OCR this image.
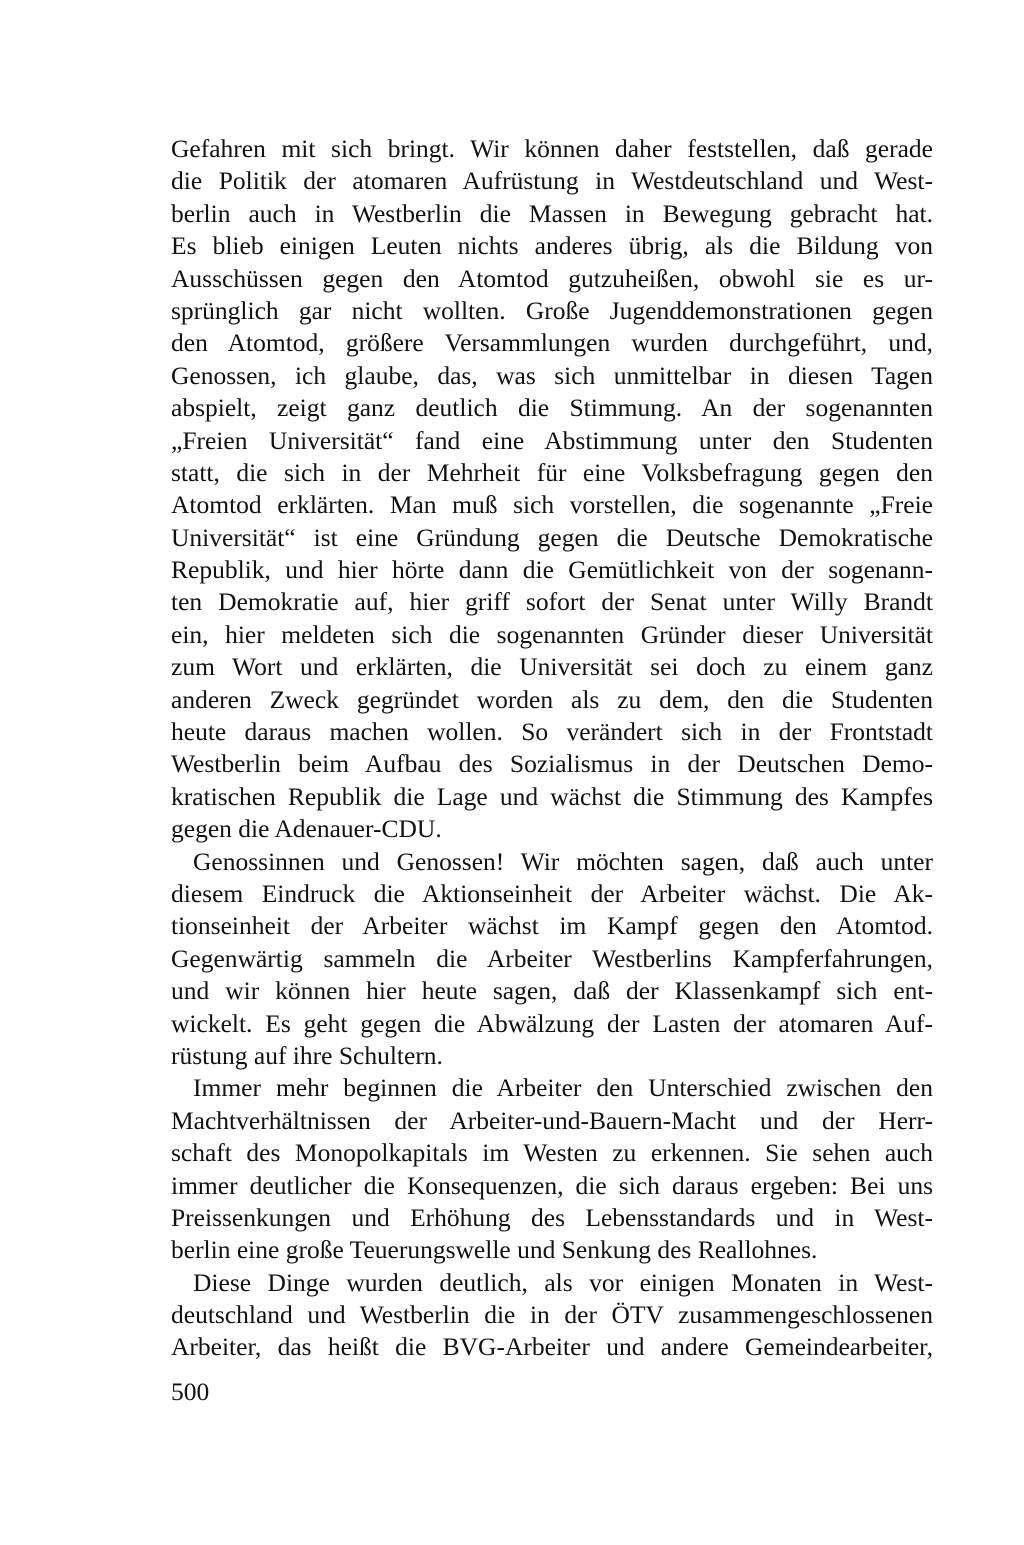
Gefahren mit sich bringt. Wir können daher feststellen, daß gerade
die Politik der atomaren Aufrüstung in Westdeutschland und West-
berlin auch in Westberlin die Massen in Bewegung gebracht hat.
Es blieb einigen Leuten nichts anderes übrig, als die Bildung von
Ausschüssen gegen den Atomtod gutzuheißen, obwohl sie es ur-
sprünglich gar nicht wollten. Große Jugenddemonstrationen gegen
den Atomtod, größere Versammlungen wurden durchgeführt, und,
Genossen, ich glaube, das, was sich unmittelbar in diesen Tagen
abspielt, zeigt ganz deutlich die Stimmung. An der sogenannten
„Freien Universität“ fand eine Abstimmung unter den Studenten
statt, die sich in der Mehrheit für eine Volksbefragung gegen den
Atomtod erklärten. Man muß sich vorstellen, die sogenannte „Freie
Universität“ ist eine Gründung gegen die Deutsche Demokratische
Republik, und hier hörte dann die Gemütlichkeit von der sogenann-
ten Demokratie auf, hier griff sofort der Senat unter Willy Brandt
ein, hier meldeten sich die sogenannten Gründer dieser Universität
zum Wort und erklärten, die Universität sei doch zu einem ganz
anderen Zweck gegründet worden als zu dem, den die Studenten
heute daraus machen wollen. So verändert sich in der Frontstadt
Westberlin beim Aufbau des Sozialismus in der Deutschen Demo-
kratischen Republik die Lage und wächst die Stimmung des Kampfes
gegen die Adenauer-CDU.
Genossinnen und Genossen! Wir möchten sagen, daß auch unter
diesem Eindruck die Aktionseinheit der Arbeiter wächst. Die Ak-
tionseinheit der Arbeiter wächst im Kampf gegen den Atomtod.
Gegenwärtig sammeln die Arbeiter Westberlins Kampferfahrungen,
und wir können hier heute sagen, daß der Klassenkampf sich ent-
wickelt. Es geht gegen die Abwälzung der Lasten der atomaren Auf-
rüstung auf ihre Schultern.
Immer mehr beginnen die Arbeiter den Unterschied zwischen den
Machtverhältnissen der Arbeiter-und-Bauern-Macht und der Herr-
schaft des Monopolkapitals im Westen zu erkennen. Sie sehen auch
immer deutlicher die Konsequenzen, die sich daraus ergeben: Bei uns
Preissenkungen und Erhöhung des Lebensstandards und in West-
berlin eine große Teuerungswelle und Senkung des Reallohnes.
Diese Dinge wurden deutlich, als vor einigen Monaten in West-
deutschland und Westberlin die in der ÖTV zusammengeschlossenen
Arbeiter, das heißt die BVG-Arbeiter und andere Gemeindearbeiter,
500
